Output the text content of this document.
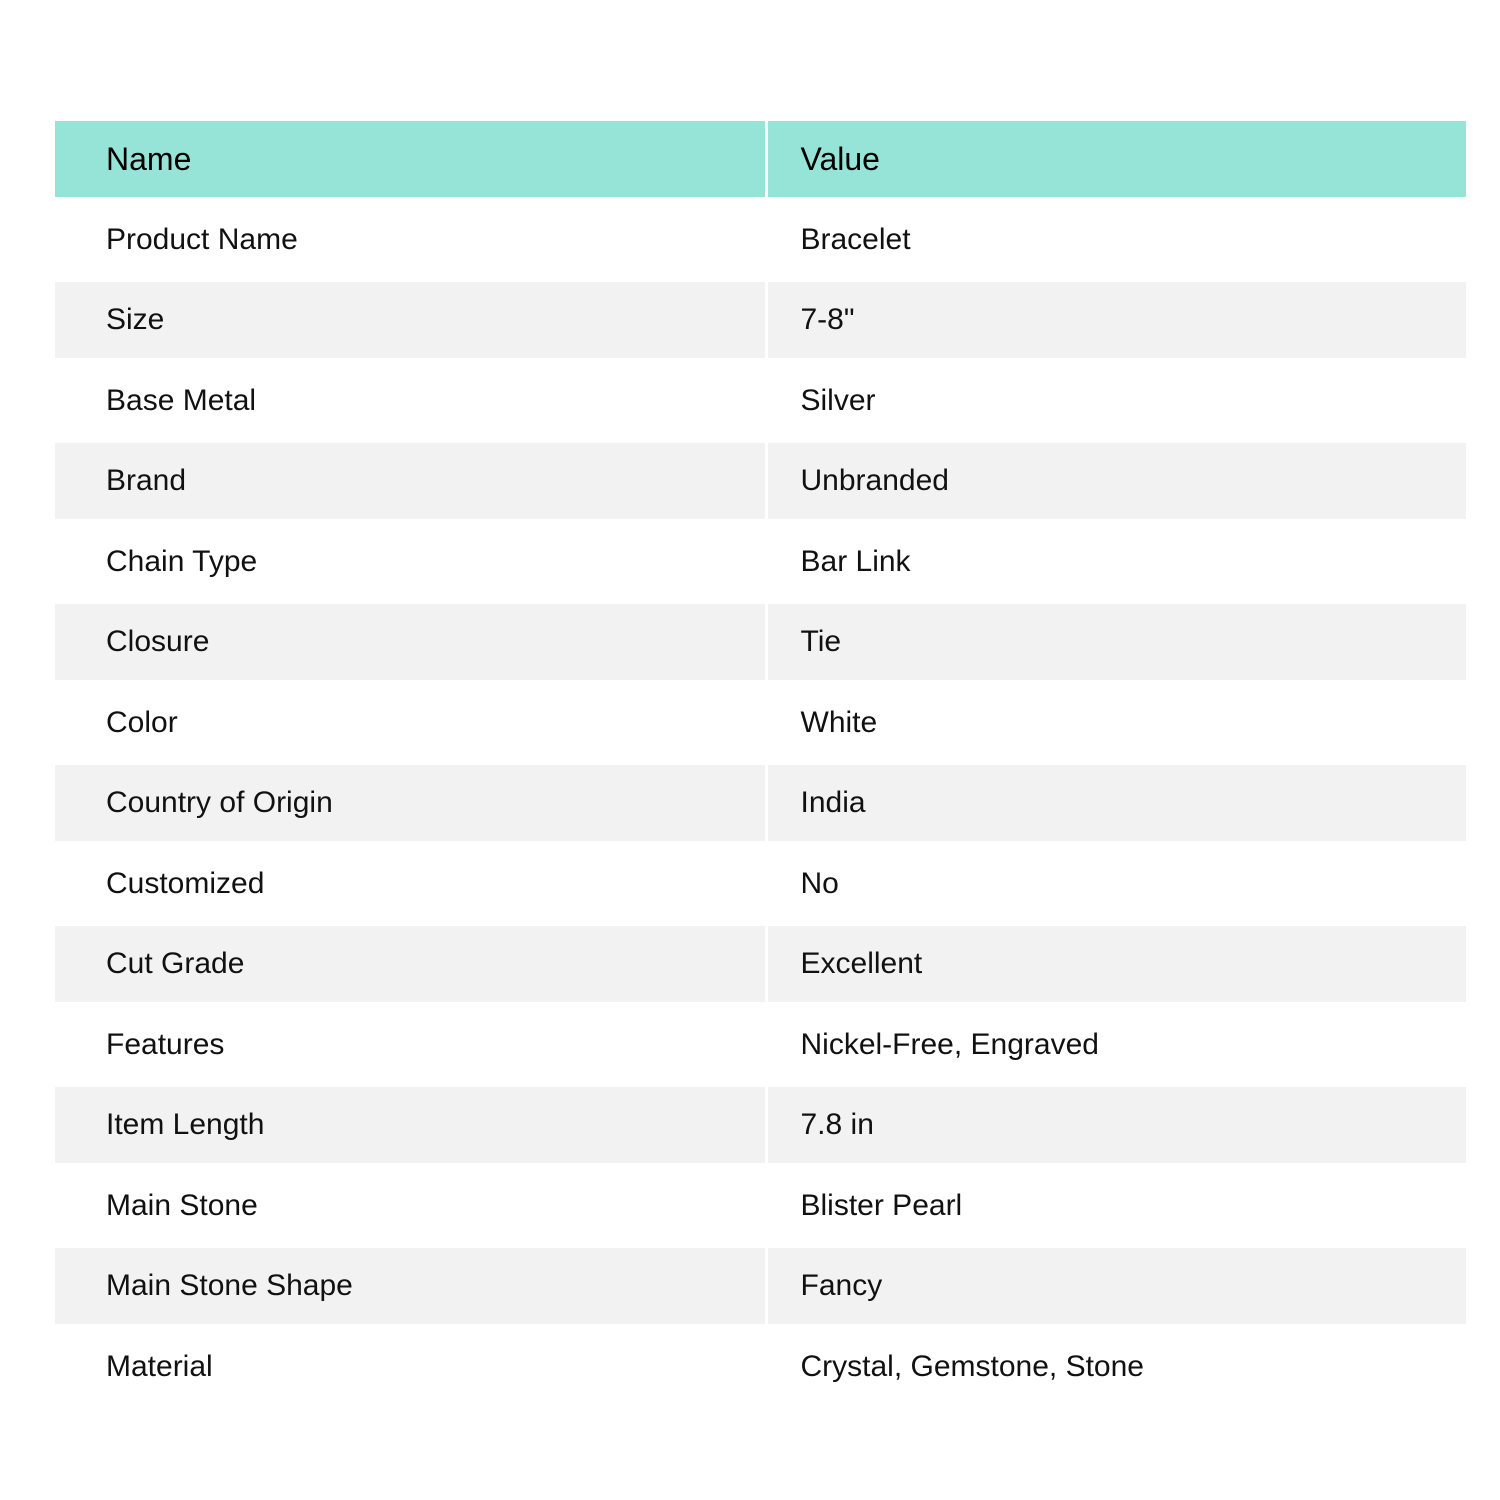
Name	Value
Product Name	Bracelet
Size	7-8"
Base Metal	Silver
Brand	Unbranded
Chain Type	Bar Link
Closure	Tie
Color	White
Country of Origin	India
Customized	No
Cut Grade	Excellent
Features	Nickel-Free, Engraved
Item Length	7.8 in
Main Stone	Blister Pearl
Main Stone Shape	Fancy
Material	Crystal, Gemstone, Stone
